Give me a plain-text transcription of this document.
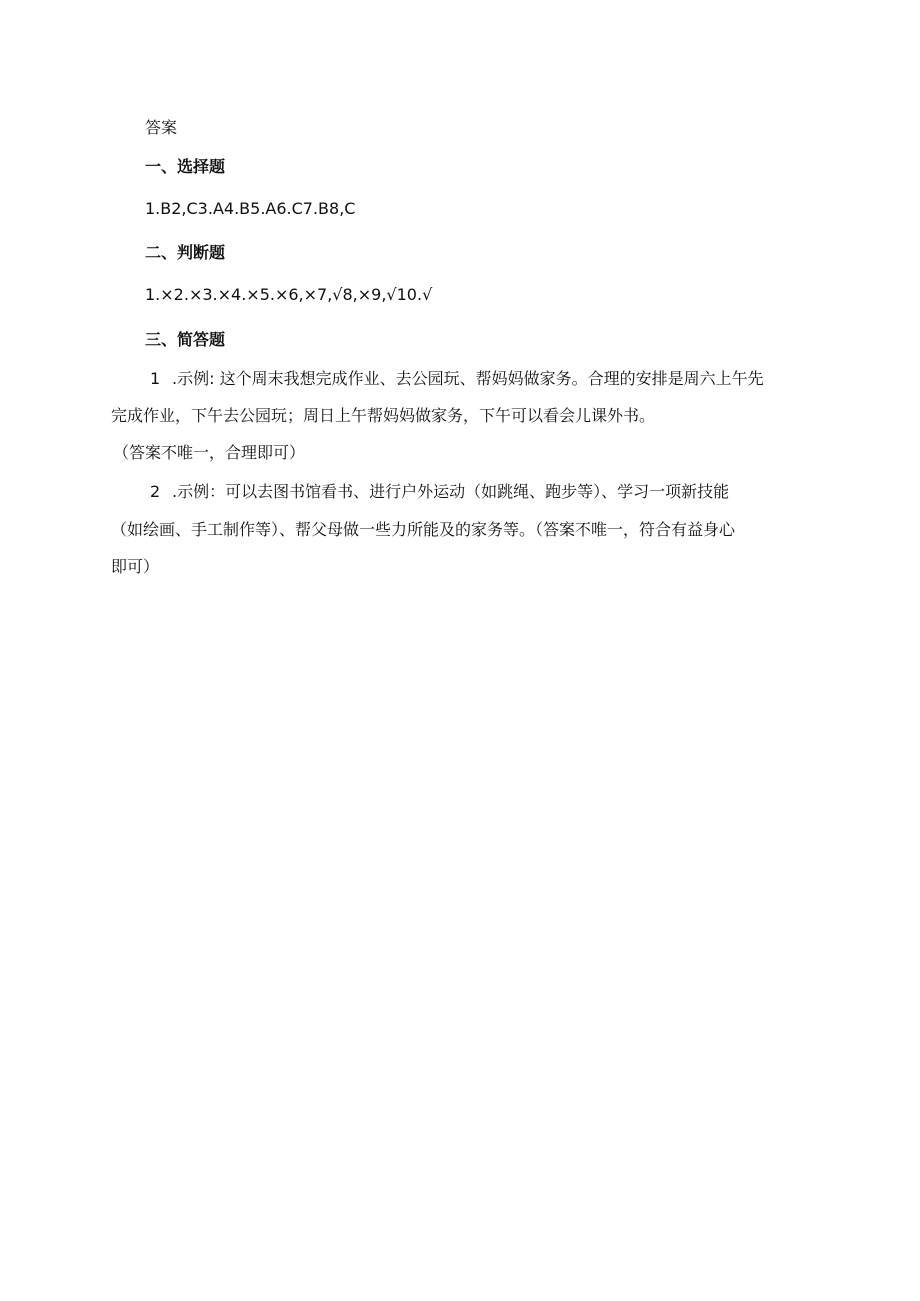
答案
一、选择题
1.B2,C3.A4.B5.A6.C7.B8,C
二、判断题
1.×2.×3.×4.×5.×6,×7,√8,×9,√10.√
三、简答题
1 .示例: 这个周末我想完成作业、去公园玩、帮妈妈做家务。合理的安排是周六上午先
完成作业，下午去公园玩；周日上午帮妈妈做家务，下午可以看会儿课外书。
（答案不唯一，合理即可）
2 .示例：可以去图书馆看书、进行户外运动（如跳绳、跑步等）、学习一项新技能
（如绘画、手工制作等）、帮父母做一些力所能及的家务等。（答案不唯一，符合有益身心
即可）
